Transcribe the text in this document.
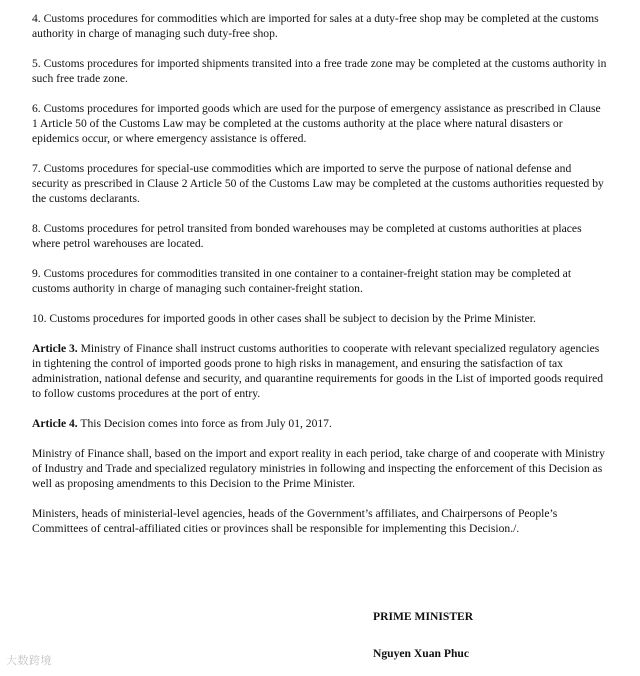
4. Customs procedures for commodities which are imported for sales at a duty-free shop may be completed at the customs authority in charge of managing such duty-free shop.

5. Customs procedures for imported shipments transited into a free trade zone may be completed at the customs authority in such free trade zone.

6. Customs procedures for imported goods which are used for the purpose of emergency assistance as prescribed in Clause 1 Article 50 of the Customs Law may be completed at the customs authority at the place where natural disasters or epidemics occur, or where emergency assistance is offered.

7. Customs procedures for special-use commodities which are imported to serve the purpose of national defense and security as prescribed in Clause 2 Article 50 of the Customs Law may be completed at the customs authorities requested by the customs declarants.

8. Customs procedures for petrol transited from bonded warehouses may be completed at customs authorities at places where petrol warehouses are located.

9. Customs procedures for commodities transited in one container to a container-freight station may be completed at customs authority in charge of managing such container-freight station.

10. Customs procedures for imported goods in other cases shall be subject to decision by the Prime Minister.

Article 3. Ministry of Finance shall instruct customs authorities to cooperate with relevant specialized regulatory agencies in tightening the control of imported goods prone to high risks in management, and ensuring the satisfaction of tax administration, national defense and security, and quarantine requirements for goods in the List of imported goods required to follow customs procedures at the port of entry.

Article 4. This Decision comes into force as from July 01, 2017.

Ministry of Finance shall, based on the import and export reality in each period, take charge of and cooperate with Ministry of Industry and Trade and specialized regulatory ministries in following and inspecting the enforcement of this Decision as well as proposing amendments to this Decision to the Prime Minister.

Ministers, heads of ministerial-level agencies, heads of the Government’s affiliates, and Chairpersons of People’s Committees of central-affiliated cities or provinces shall be responsible for implementing this Decision./.

PRIME MINISTER
Nguyen Xuan Phuc
大数跨境
